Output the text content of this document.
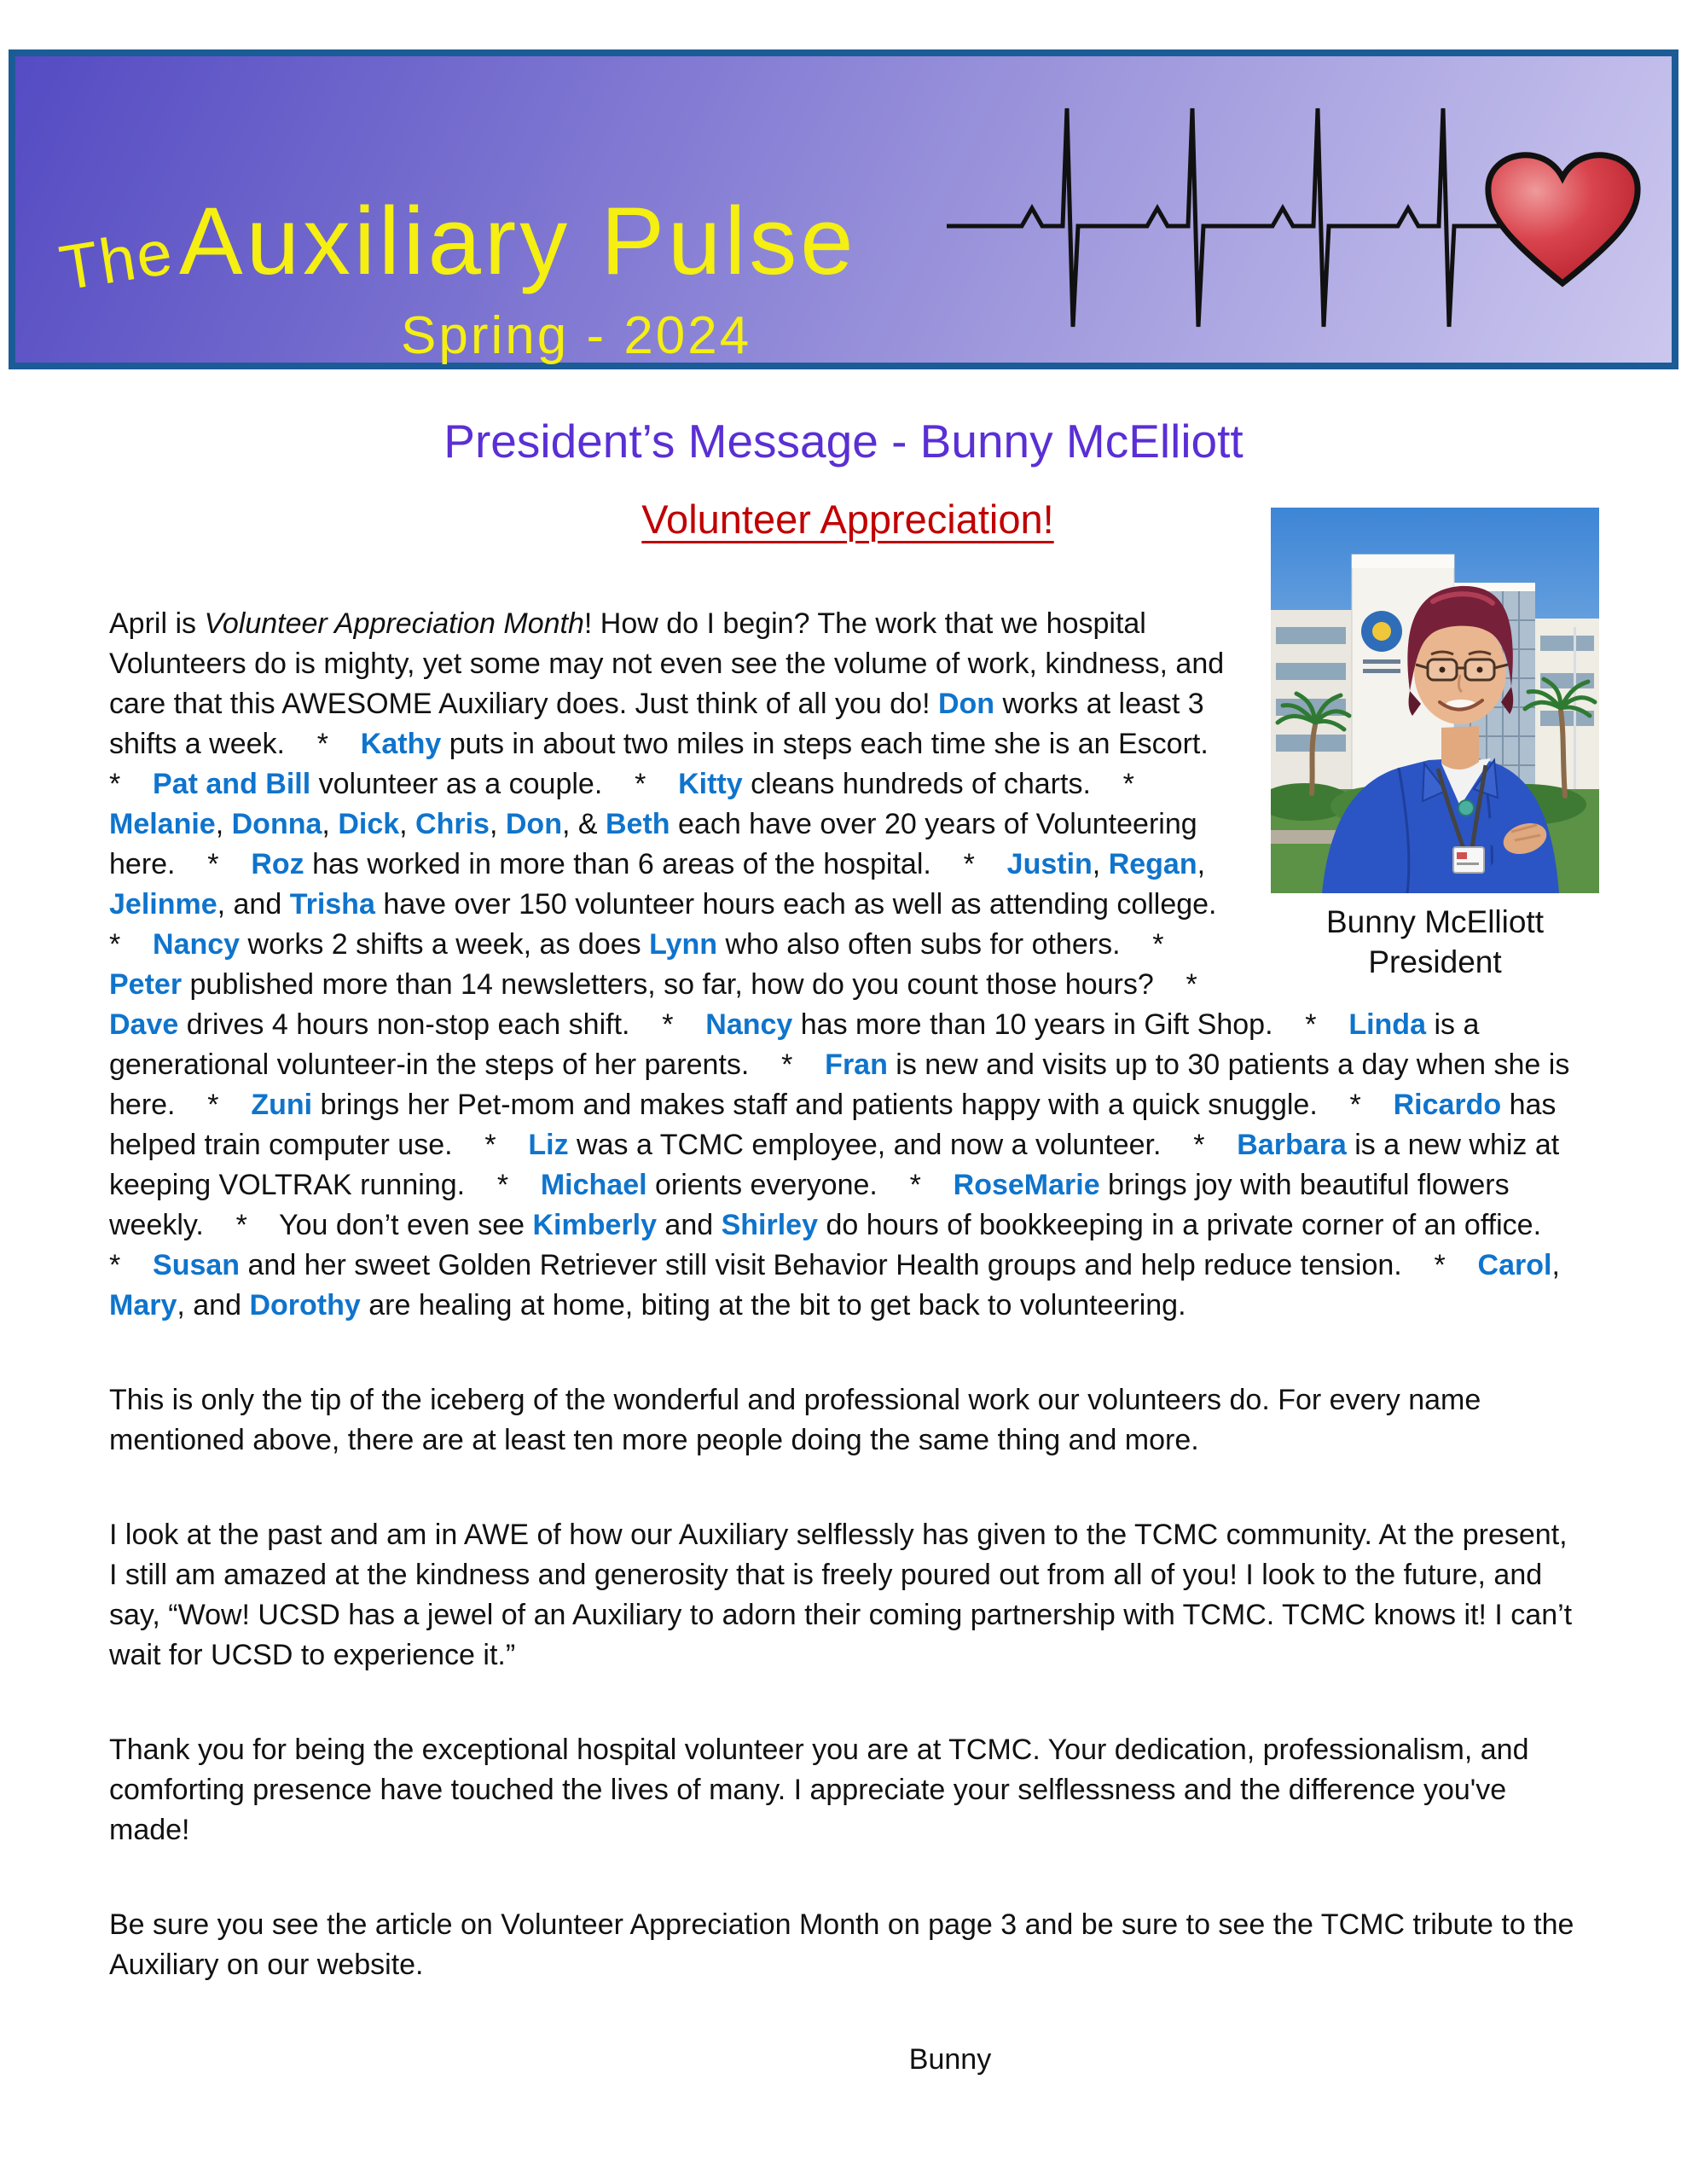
The Auxiliary Pulse
Spring - 2024
President’s Message - Bunny McElliott
Bunny McElliott
President
Volunteer Appreciation!

April is Volunteer Appreciation Month! How do I begin? The work that we hospital Volunteers do is mighty, yet some may not even see the volume of work, kindness, and care that this AWESOME Auxiliary does. Just think of all you do! Don works at least 3 shifts a week.    *    Kathy puts in about two miles in steps each time she is an Escort.    *    Pat and Bill volunteer as a couple.    *    Kitty cleans hundreds of charts.    *    Melanie, Donna, Dick, Chris, Don, & Beth each have over 20 years of Volunteering here.    *    Roz has worked in more than 6 areas of the hospital.    *    Justin, Regan, Jelinme, and Trisha have over 150 volunteer hours each as well as attending college.    *    Nancy works 2 shifts a week, as does Lynn who also often subs for others.    *    Peter published more than 14 newsletters, so far, how do you count those hours?    *    Dave drives 4 hours non-stop each shift.    *    Nancy has more than 10 years in Gift Shop.    *    Linda is a generational volunteer-in the steps of her parents.    *    Fran is new and visits up to 30 patients a day when she is here.    *    Zuni brings her Pet-mom and makes staff and patients happy with a quick snuggle.    *    Ricardo has helped train computer use.    *    Liz was a TCMC employee, and now a volunteer.    *    Barbara is a new whiz at keeping VOLTRAK running.    *    Michael orients everyone.    *    RoseMarie brings joy with beautiful flowers weekly.    *    You don’t even see Kimberly and Shirley do hours of bookkeeping in a private corner of an office.    *    Susan and her sweet Golden Retriever still visit Behavior Health groups and help reduce tension.    *    Carol, Mary, and Dorothy are healing at home, biting at the bit to get back to volunteering.

This is only the tip of the iceberg of the wonderful and professional work our volunteers do. For every name mentioned above, there are at least ten more people doing the same thing and more.

I look at the past and am in AWE of how our Auxiliary selflessly has given to the TCMC community. At the present, I still am amazed at the kindness and generosity that is freely poured out from all of you! I look to the future, and say, “Wow! UCSD has a jewel of an Auxiliary to adorn their coming partnership with TCMC. TCMC knows it! I can’t wait for UCSD to experience it.”

Thank you for being the exceptional hospital volunteer you are at TCMC. Your dedication, professionalism, and comforting presence have touched the lives of many. I appreciate your selflessness and the difference you've made!

Be sure you see the article on Volunteer Appreciation Month on page 3 and be sure to see the TCMC tribute to the Auxiliary on our website.

Bunny
